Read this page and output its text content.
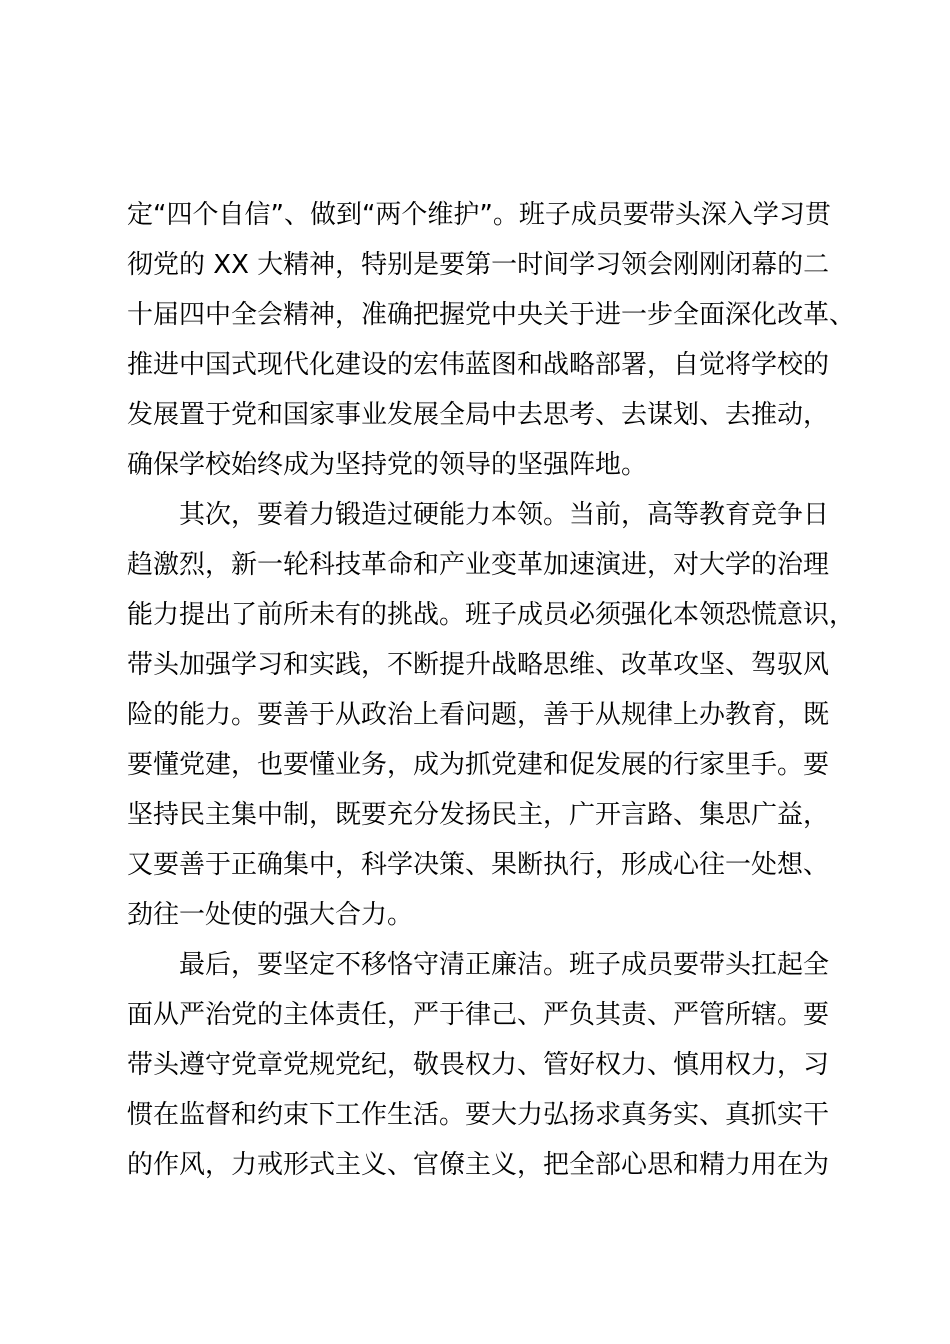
定“四个自信”、做到“两个维护”。班子成员要带头深入学习贯
彻党的 XX 大精神，特别是要第一时间学习领会刚刚闭幕的二
十届四中全会精神，准确把握党中央关于进一步全面深化改革、
推进中国式现代化建设的宏伟蓝图和战略部署，自觉将学校的
发展置于党和国家事业发展全局中去思考、去谋划、去推动，
确保学校始终成为坚持党的领导的坚强阵地。
其次，要着力锻造过硬能力本领。当前，高等教育竞争日
趋激烈，新一轮科技革命和产业变革加速演进，对大学的治理
能力提出了前所未有的挑战。班子成员必须强化本领恐慌意识，
带头加强学习和实践，不断提升战略思维、改革攻坚、驾驭风
险的能力。要善于从政治上看问题，善于从规律上办教育，既
要懂党建，也要懂业务，成为抓党建和促发展的行家里手。要
坚持民主集中制，既要充分发扬民主，广开言路、集思广益，
又要善于正确集中，科学决策、果断执行，形成心往一处想、
劲往一处使的强大合力。
最后，要坚定不移恪守清正廉洁。班子成员要带头扛起全
面从严治党的主体责任，严于律己、严负其责、严管所辖。要
带头遵守党章党规党纪，敬畏权力、管好权力、慎用权力，习
惯在监督和约束下工作生活。要大力弘扬求真务实、真抓实干
的作风，力戒形式主义、官僚主义，把全部心思和精力用在为
